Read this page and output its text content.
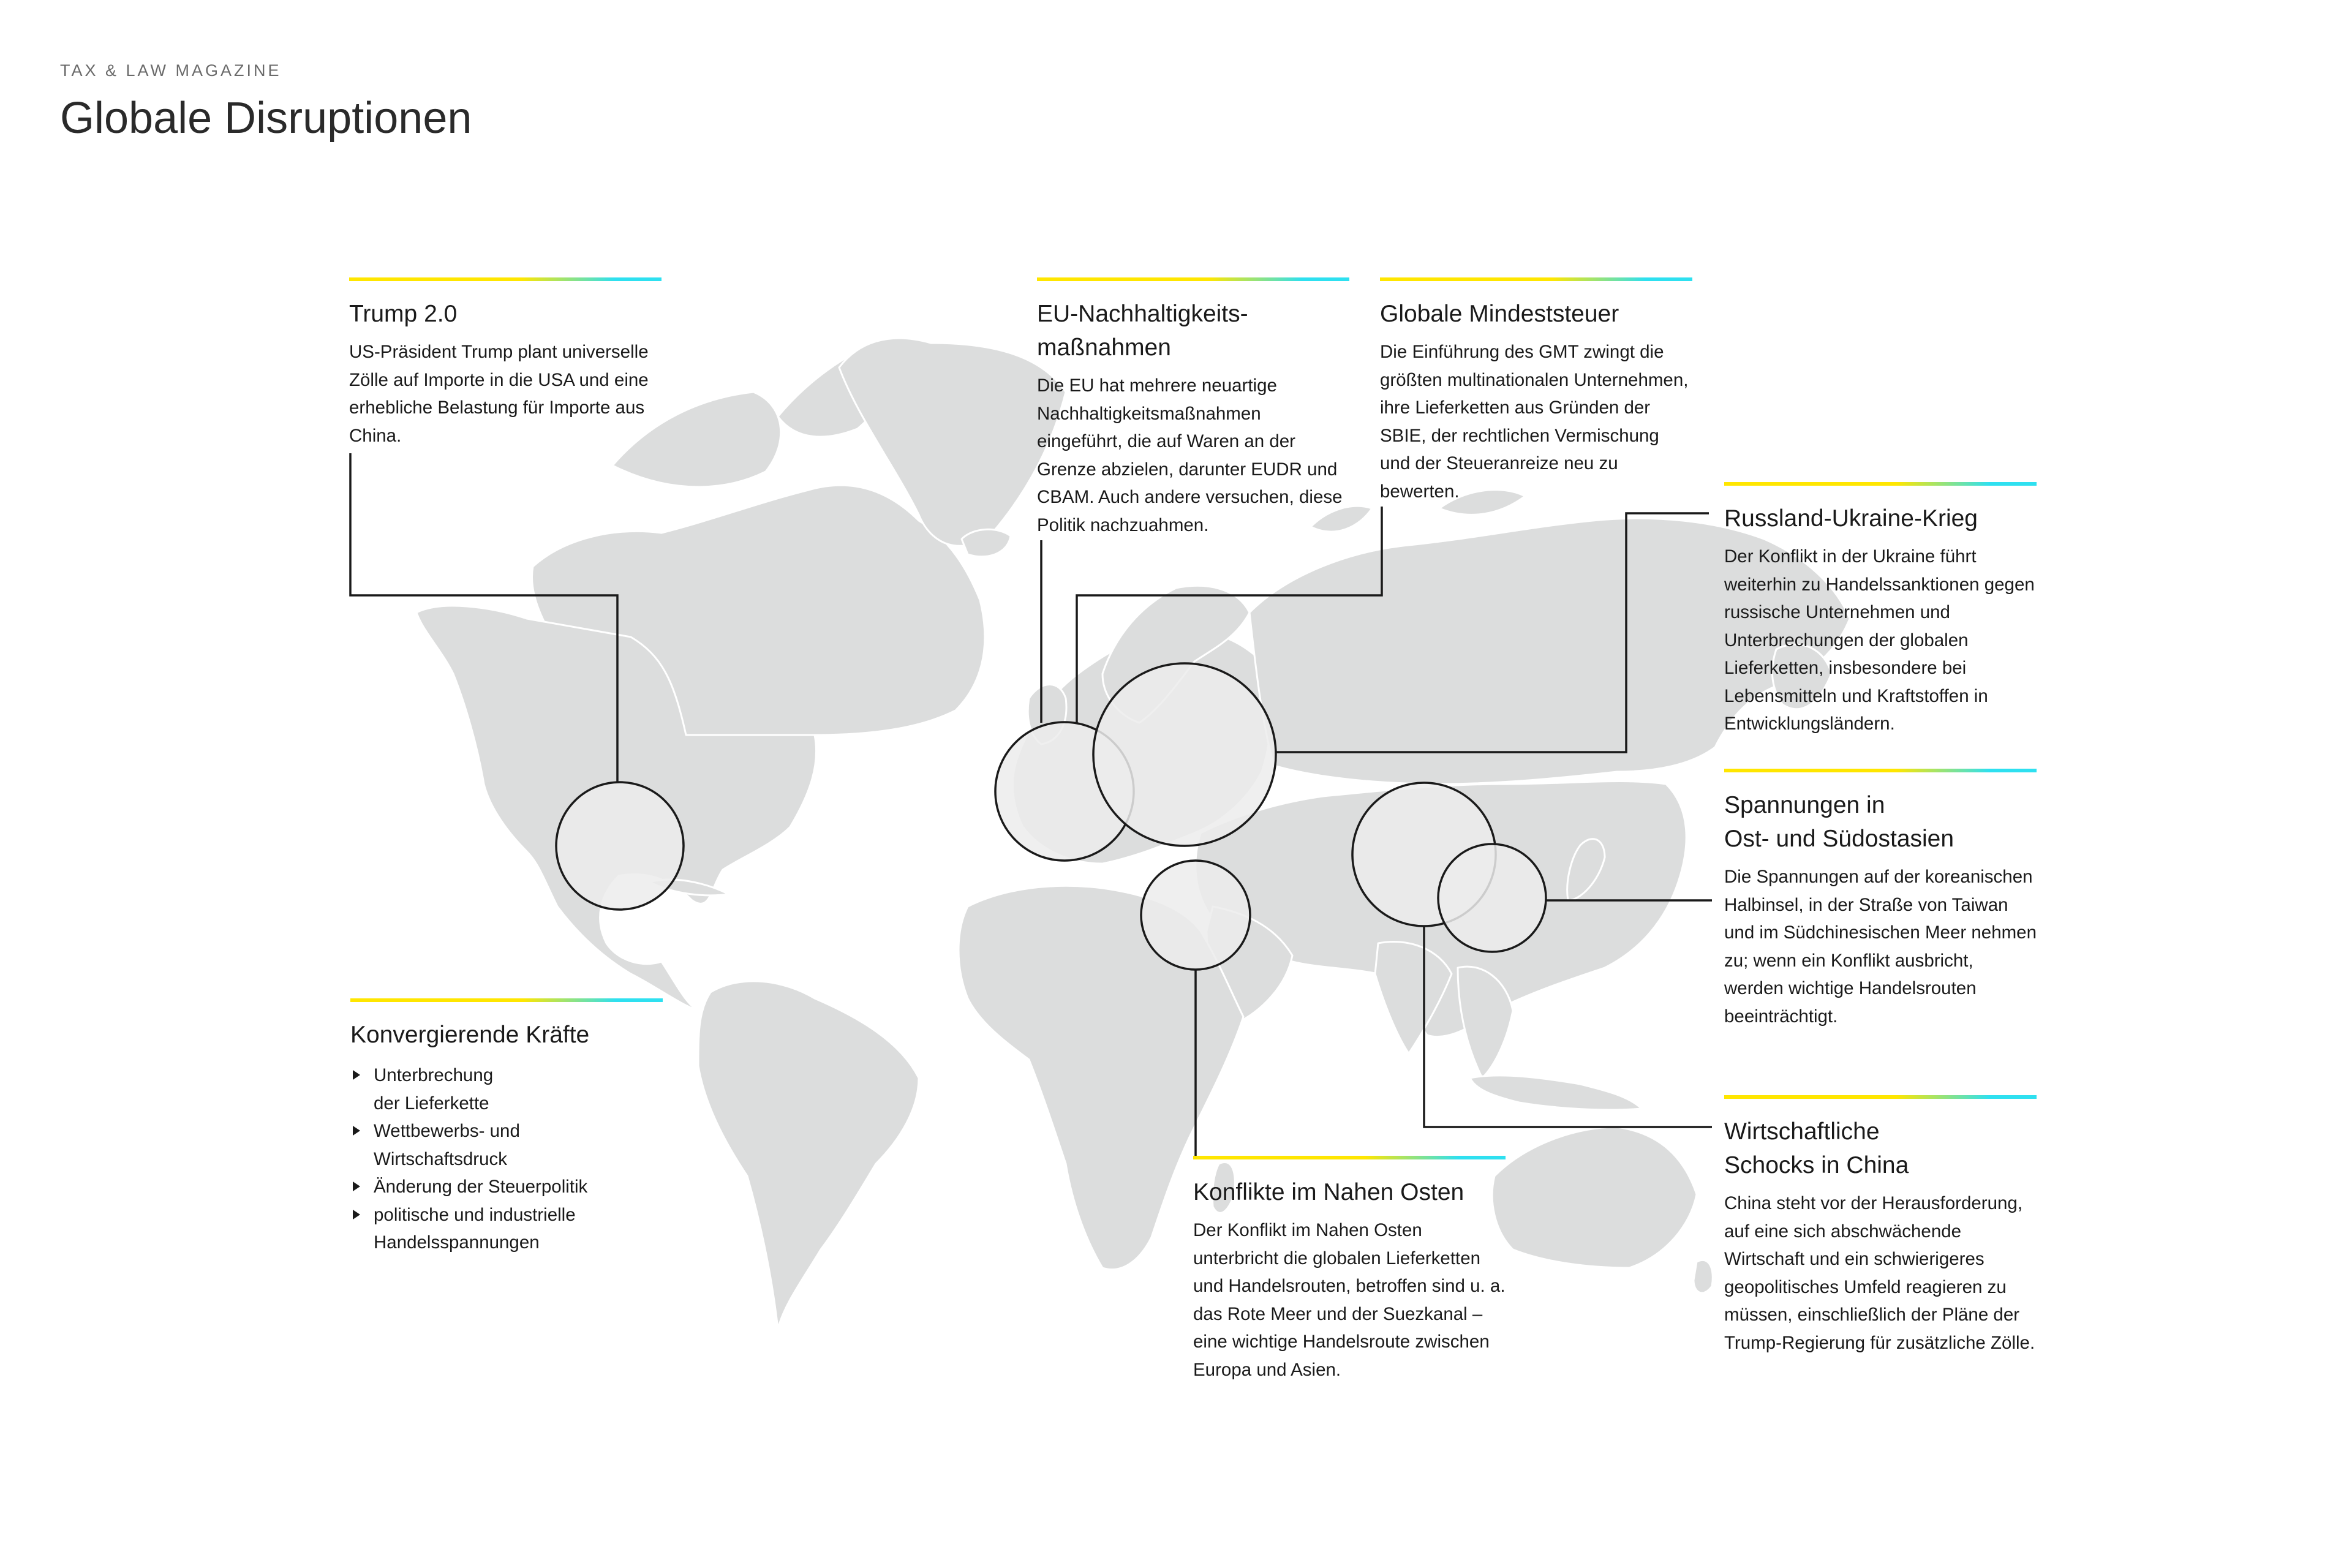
TAX & LAW MAGAZINE
Globale Disruptionen
Trump 2.0

US-Präsident Trump plant universelle Zölle auf Importe in die USA und eine erhebliche Belastung für Importe aus China.

EU-Nachhaltigkeits-
maßnahmen

Die EU hat mehrere neuartige Nachhaltigkeitsmaßnahmen eingeführt, die auf Waren an der Grenze abzielen, darunter EUDR und CBAM. Auch andere versuchen, diese Politik nachzuahmen.

Globale Mindeststeuer

Die Einführung des GMT zwingt die größten multinationalen Unternehmen, ihre Lieferketten aus Gründen der SBIE, der rechtlichen Vermischung und der Steueranreize neu zu bewerten.

Russland-Ukraine-Krieg

Der Konflikt in der Ukraine führt weiterhin zu Handelssanktionen gegen russische Unternehmen und Unterbrechungen der globalen Lieferketten, insbesondere bei Lebensmitteln und Kraftstoffen in Entwicklungsländern.

Spannungen in
Ost- und Südostasien

Die Spannungen auf der koreanischen Halbinsel, in der Straße von Taiwan und im Südchinesischen Meer nehmen zu; wenn ein Konflikt ausbricht, werden wichtige Handelsrouten beeinträchtigt.

Wirtschaftliche
Schocks in China

China steht vor der Herausforderung, auf eine sich abschwächende Wirtschaft und ein schwierigeres geopolitisches Umfeld reagieren zu müssen, einschließlich der Pläne der Trump-Regierung für zusätzliche Zölle.

Konflikte im Nahen Osten

Der Konflikt im Nahen Osten unterbricht die globalen Lieferketten und Handelsrouten, betroffen sind u. a. das Rote Meer und der Suezkanal – eine wichtige Handelsroute zwischen Europa und Asien.

Konvergierende Kräfte
Unterbrechung der Lieferkette
Wettbewerbs- und Wirtschaftsdruck
Änderung der Steuerpolitik
politische und industrielle Handelsspannungen
